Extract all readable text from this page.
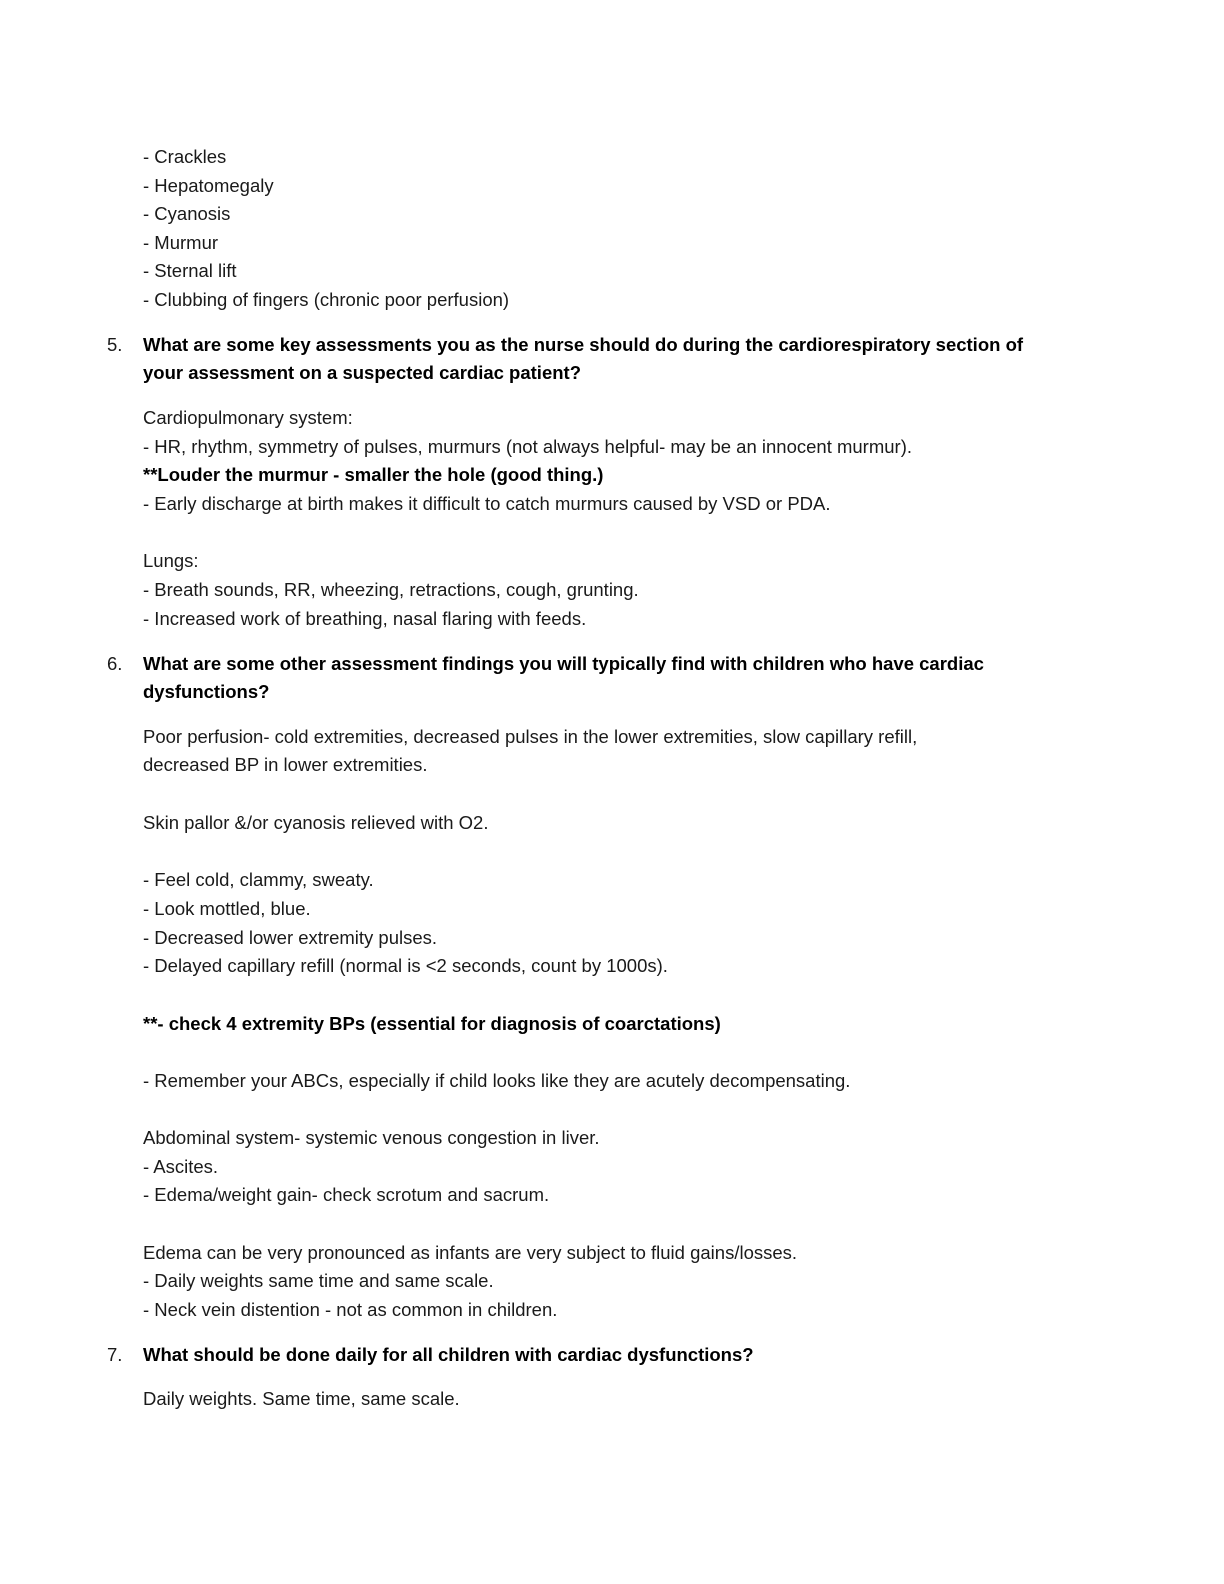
- Crackles
- Hepatomegaly
- Cyanosis
- Murmur
- Sternal lift
- Clubbing of fingers (chronic poor perfusion)
5. What are some key assessments you as the nurse should do during the cardiorespiratory section of
your assessment on a suspected cardiac patient?
Cardiopulmonary system:
- HR, rhythm, symmetry of pulses, murmurs (not always helpful- may be an innocent murmur).
**Louder the murmur - smaller the hole (good thing.)
- Early discharge at birth makes it difficult to catch murmurs caused by VSD or PDA.
Lungs:
- Breath sounds, RR, wheezing, retractions, cough, grunting.
- Increased work of breathing, nasal flaring with feeds.
6. What are some other assessment findings you will typically find with children who have cardiac
dysfunctions?
Poor perfusion- cold extremities, decreased pulses in the lower extremities, slow capillary refill,
decreased BP in lower extremities.
Skin pallor &/or cyanosis relieved with O2.
- Feel cold, clammy, sweaty.
- Look mottled, blue.
- Decreased lower extremity pulses.
- Delayed capillary refill (normal is <2 seconds, count by 1000s).
**- check 4 extremity BPs (essential for diagnosis of coarctations)
- Remember your ABCs, especially if child looks like they are acutely decompensating.
Abdominal system- systemic venous congestion in liver.
- Ascites.
- Edema/weight gain- check scrotum and sacrum.
Edema can be very pronounced as infants are very subject to fluid gains/losses.
- Daily weights same time and same scale.
- Neck vein distention - not as common in children.
7. What should be done daily for all children with cardiac dysfunctions?
Daily weights. Same time, same scale.
